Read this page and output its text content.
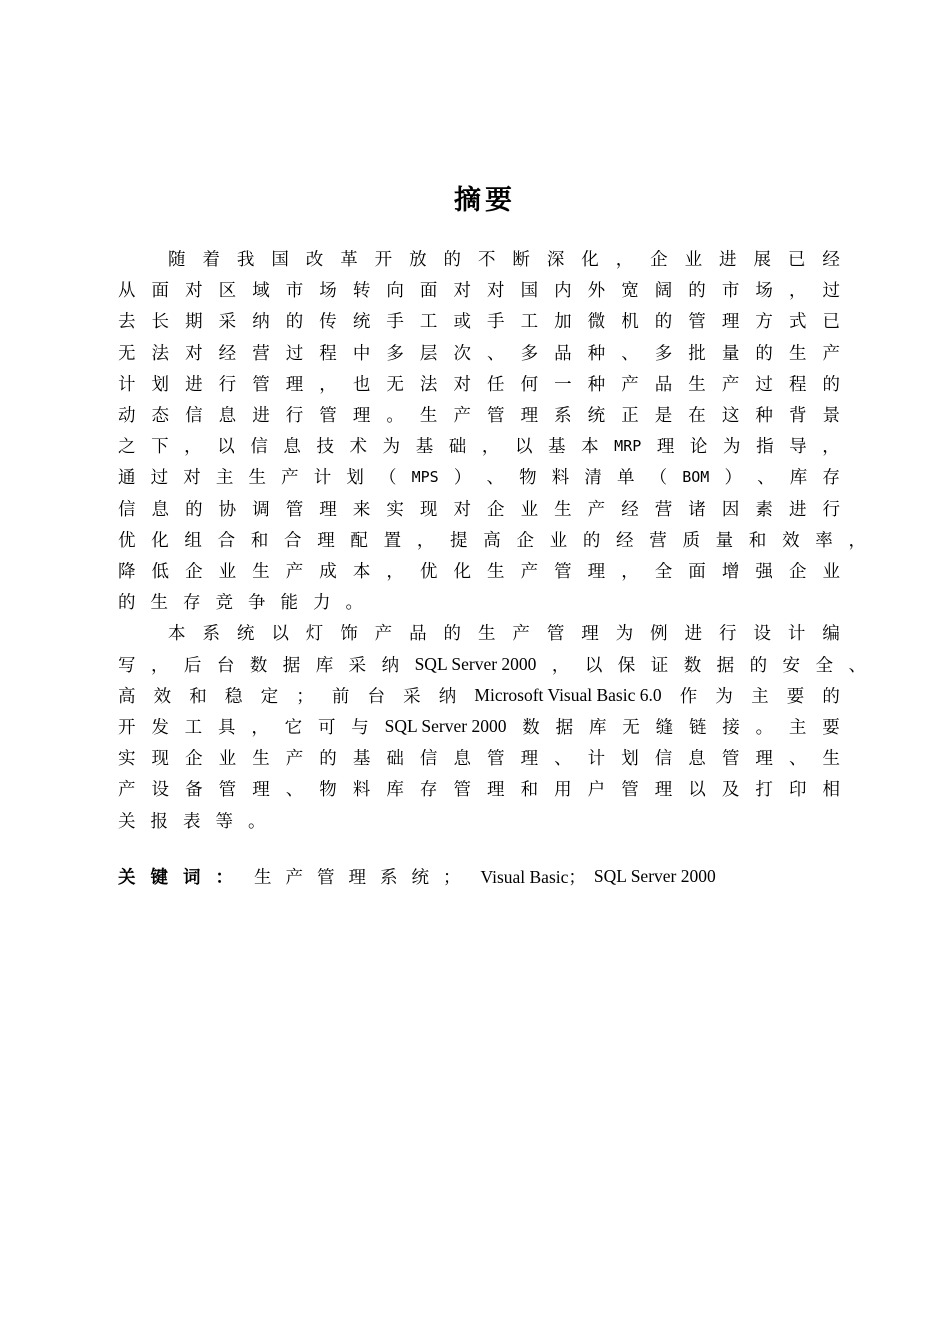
摘要
随 着 我 国 改 革 开 放 的 不 断 深 化 ， 企 业 进 展 已 经
从 面 对 区 域 市 场 转 向 面 对 对 国 内 外 宽 阔 的 市 场 ， 过
去 长 期 采 纳 的 传 统 手 工 或 手 工 加 微 机 的 管 理 方 式 已
无 法 对 经 营 过 程 中 多 层 次 、 多 品 种 、 多 批 量 的 生 产
计 划 进 行 管 理 ， 也 无 法 对 任 何 一 种 产 品 生 产 过 程 的
动 态 信 息 进 行 管 理 。 生 产 管 理 系 统 正 是 在 这 种 背 景
之 下 ， 以 信 息 技 术 为 基 础 ， 以 基 本 MRP 理 论 为 指 导 ，
通 过 对 主 生 产 计 划 （ MPS ） 、 物 料 清 单 （ BOM ） 、 库 存
信 息 的 协 调 管 理 来 实 现 对 企 业 生 产 经 营 诸 因 素 进 行
优 化 组 合 和 合 理 配 置 ， 提 高 企 业 的 经 营 质 量 和 效 率 ，
降 低 企 业 生 产 成 本 ， 优 化 生 产 管 理 ， 全 面 增 强 企 业
的 生 存 竞 争 能 力 。
本 系 统 以 灯 饰 产 品 的 生 产 管 理 为 例 进 行 设 计 编
写 ， 后 台 数 据 库 采 纳 SQL Server 2000 ， 以 保 证 数 据 的 安 全 、
高 效 和 稳 定 ； 前 台 采 纳 Microsoft Visual Basic 6.0 作 为 主 要 的
开 发 工 具 ， 它 可 与 SQL Server 2000 数 据 库 无 缝 链 接 。 主 要
实 现 企 业 生 产 的 基 础 信 息 管 理 、 计 划 信 息 管 理 、 生
产 设 备 管 理 、 物 料 库 存 管 理 和 用 户 管 理 以 及 打 印 相
关 报 表 等 。
关键词： 生产管理系统； Visual Basic； SQL Server 2000
